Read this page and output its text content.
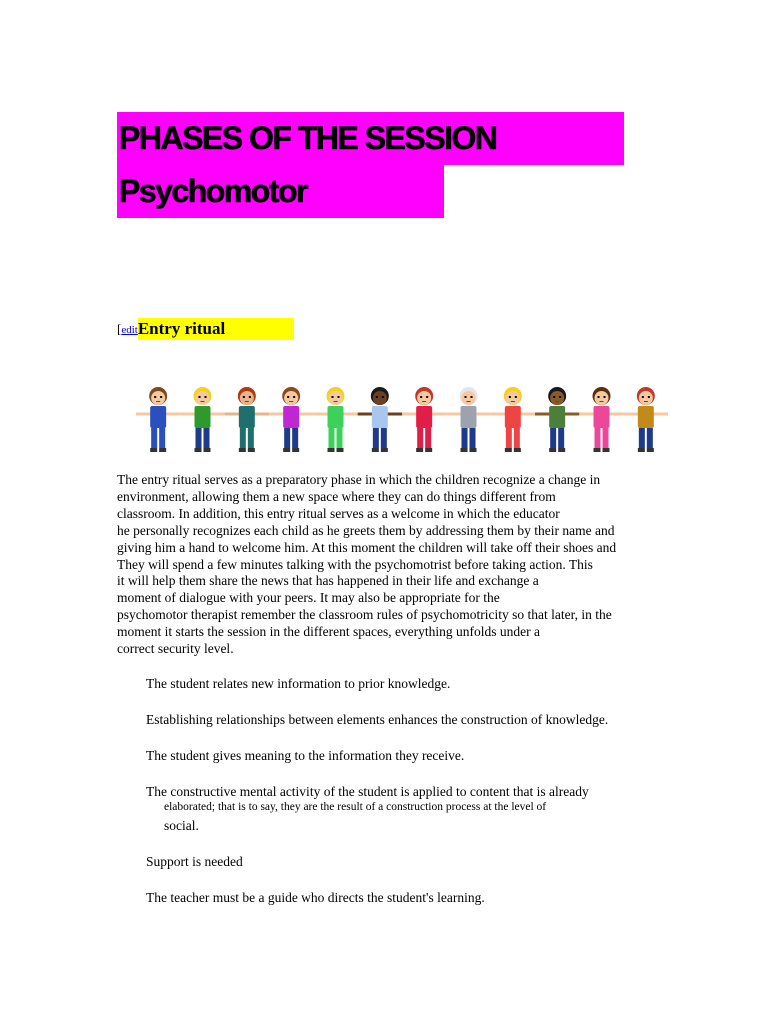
PHASES OF THE SESSION
Psychomotor
[editEntry ritual
The entry ritual serves as a preparatory phase in which the children recognize a change in
environment, allowing them a new space where they can do things different from
classroom. In addition, this entry ritual serves as a welcome in which the educator
he personally recognizes each child as he greets them by addressing them by their name and
giving him a hand to welcome him. At this moment the children will take off their shoes and
They will spend a few minutes talking with the psychomotrist before taking action. This
it will help them share the news that has happened in their life and exchange a
moment of dialogue with your peers. It may also be appropriate for the
psychomotor therapist remember the classroom rules of psychomotricity so that later, in the
moment it starts the session in the different spaces, everything unfolds under a
correct security level.
The student relates new information to prior knowledge.
Establishing relationships between elements enhances the construction of knowledge.
The student gives meaning to the information they receive.
The constructive mental activity of the student is applied to content that is already
elaborated; that is to say, they are the result of a construction process at the level of
social.
Support is needed
The teacher must be a guide who directs the student's learning.
